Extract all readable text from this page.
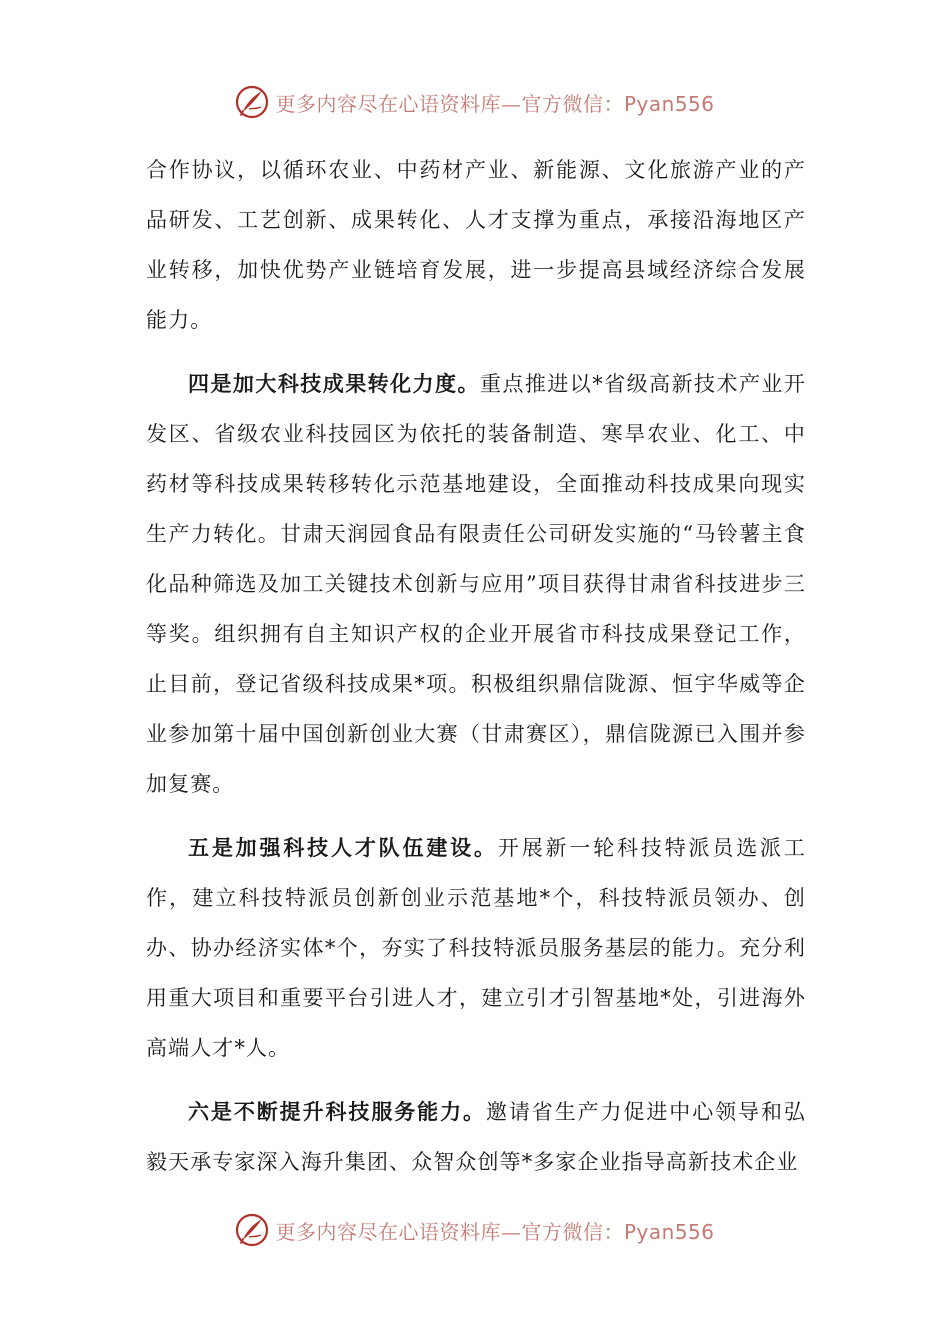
更多内容尽在心语资料库—官方微信：Pyan556

合作协议，以循环农业、中药材产业、新能源、文化旅游产业的产品研发、工艺创新、成果转化、人才支撑为重点，承接沿海地区产业转移，加快优势产业链培育发展，进一步提高县域经济综合发展能力。

四是加大科技成果转化力度。重点推进以*省级高新技术产业开发区、省级农业科技园区为依托的装备制造、寒旱农业、化工、中药材等科技成果转移转化示范基地建设，全面推动科技成果向现实生产力转化。甘肃天润园食品有限责任公司研发实施的“马铃薯主食化品种筛选及加工关键技术创新与应用”项目获得甘肃省科技进步三等奖。组织拥有自主知识产权的企业开展省市科技成果登记工作，止目前，登记省级科技成果*项。积极组织鼎信陇源、恒宇华威等企业参加第十届中国创新创业大赛（甘肃赛区），鼎信陇源已入围并参加复赛。

五是加强科技人才队伍建设。开展新一轮科技特派员选派工作，建立科技特派员创新创业示范基地*个，科技特派员领办、创办、协办经济实体*个，夯实了科技特派员服务基层的能力。充分利用重大项目和重要平台引进人才，建立引才引智基地*处，引进海外高端人才*人。

六是不断提升科技服务能力。邀请省生产力促进中心领导和弘毅天承专家深入海升集团、众智众创等*多家企业指导高新技术企业

更多内容尽在心语资料库—官方微信：Pyan556
